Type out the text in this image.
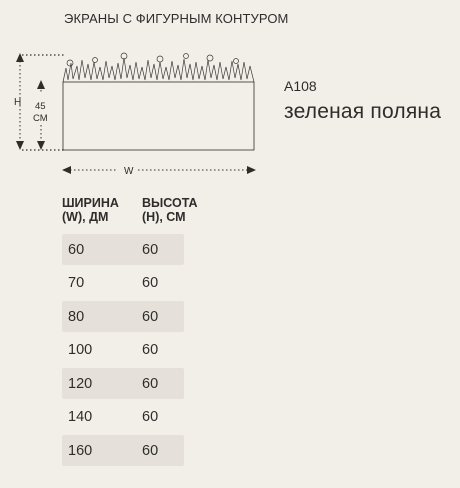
ЭКРАНЫ С ФИГУРНЫМ КОНТУРОМ
H 45
СМ
W
A108
зеленая поляна
ШИРИНА
(W), ДМ
ВЫСОТА
(H), СМ
60	60
70	60
80	60
100	60
120	60
140	60
160	60
